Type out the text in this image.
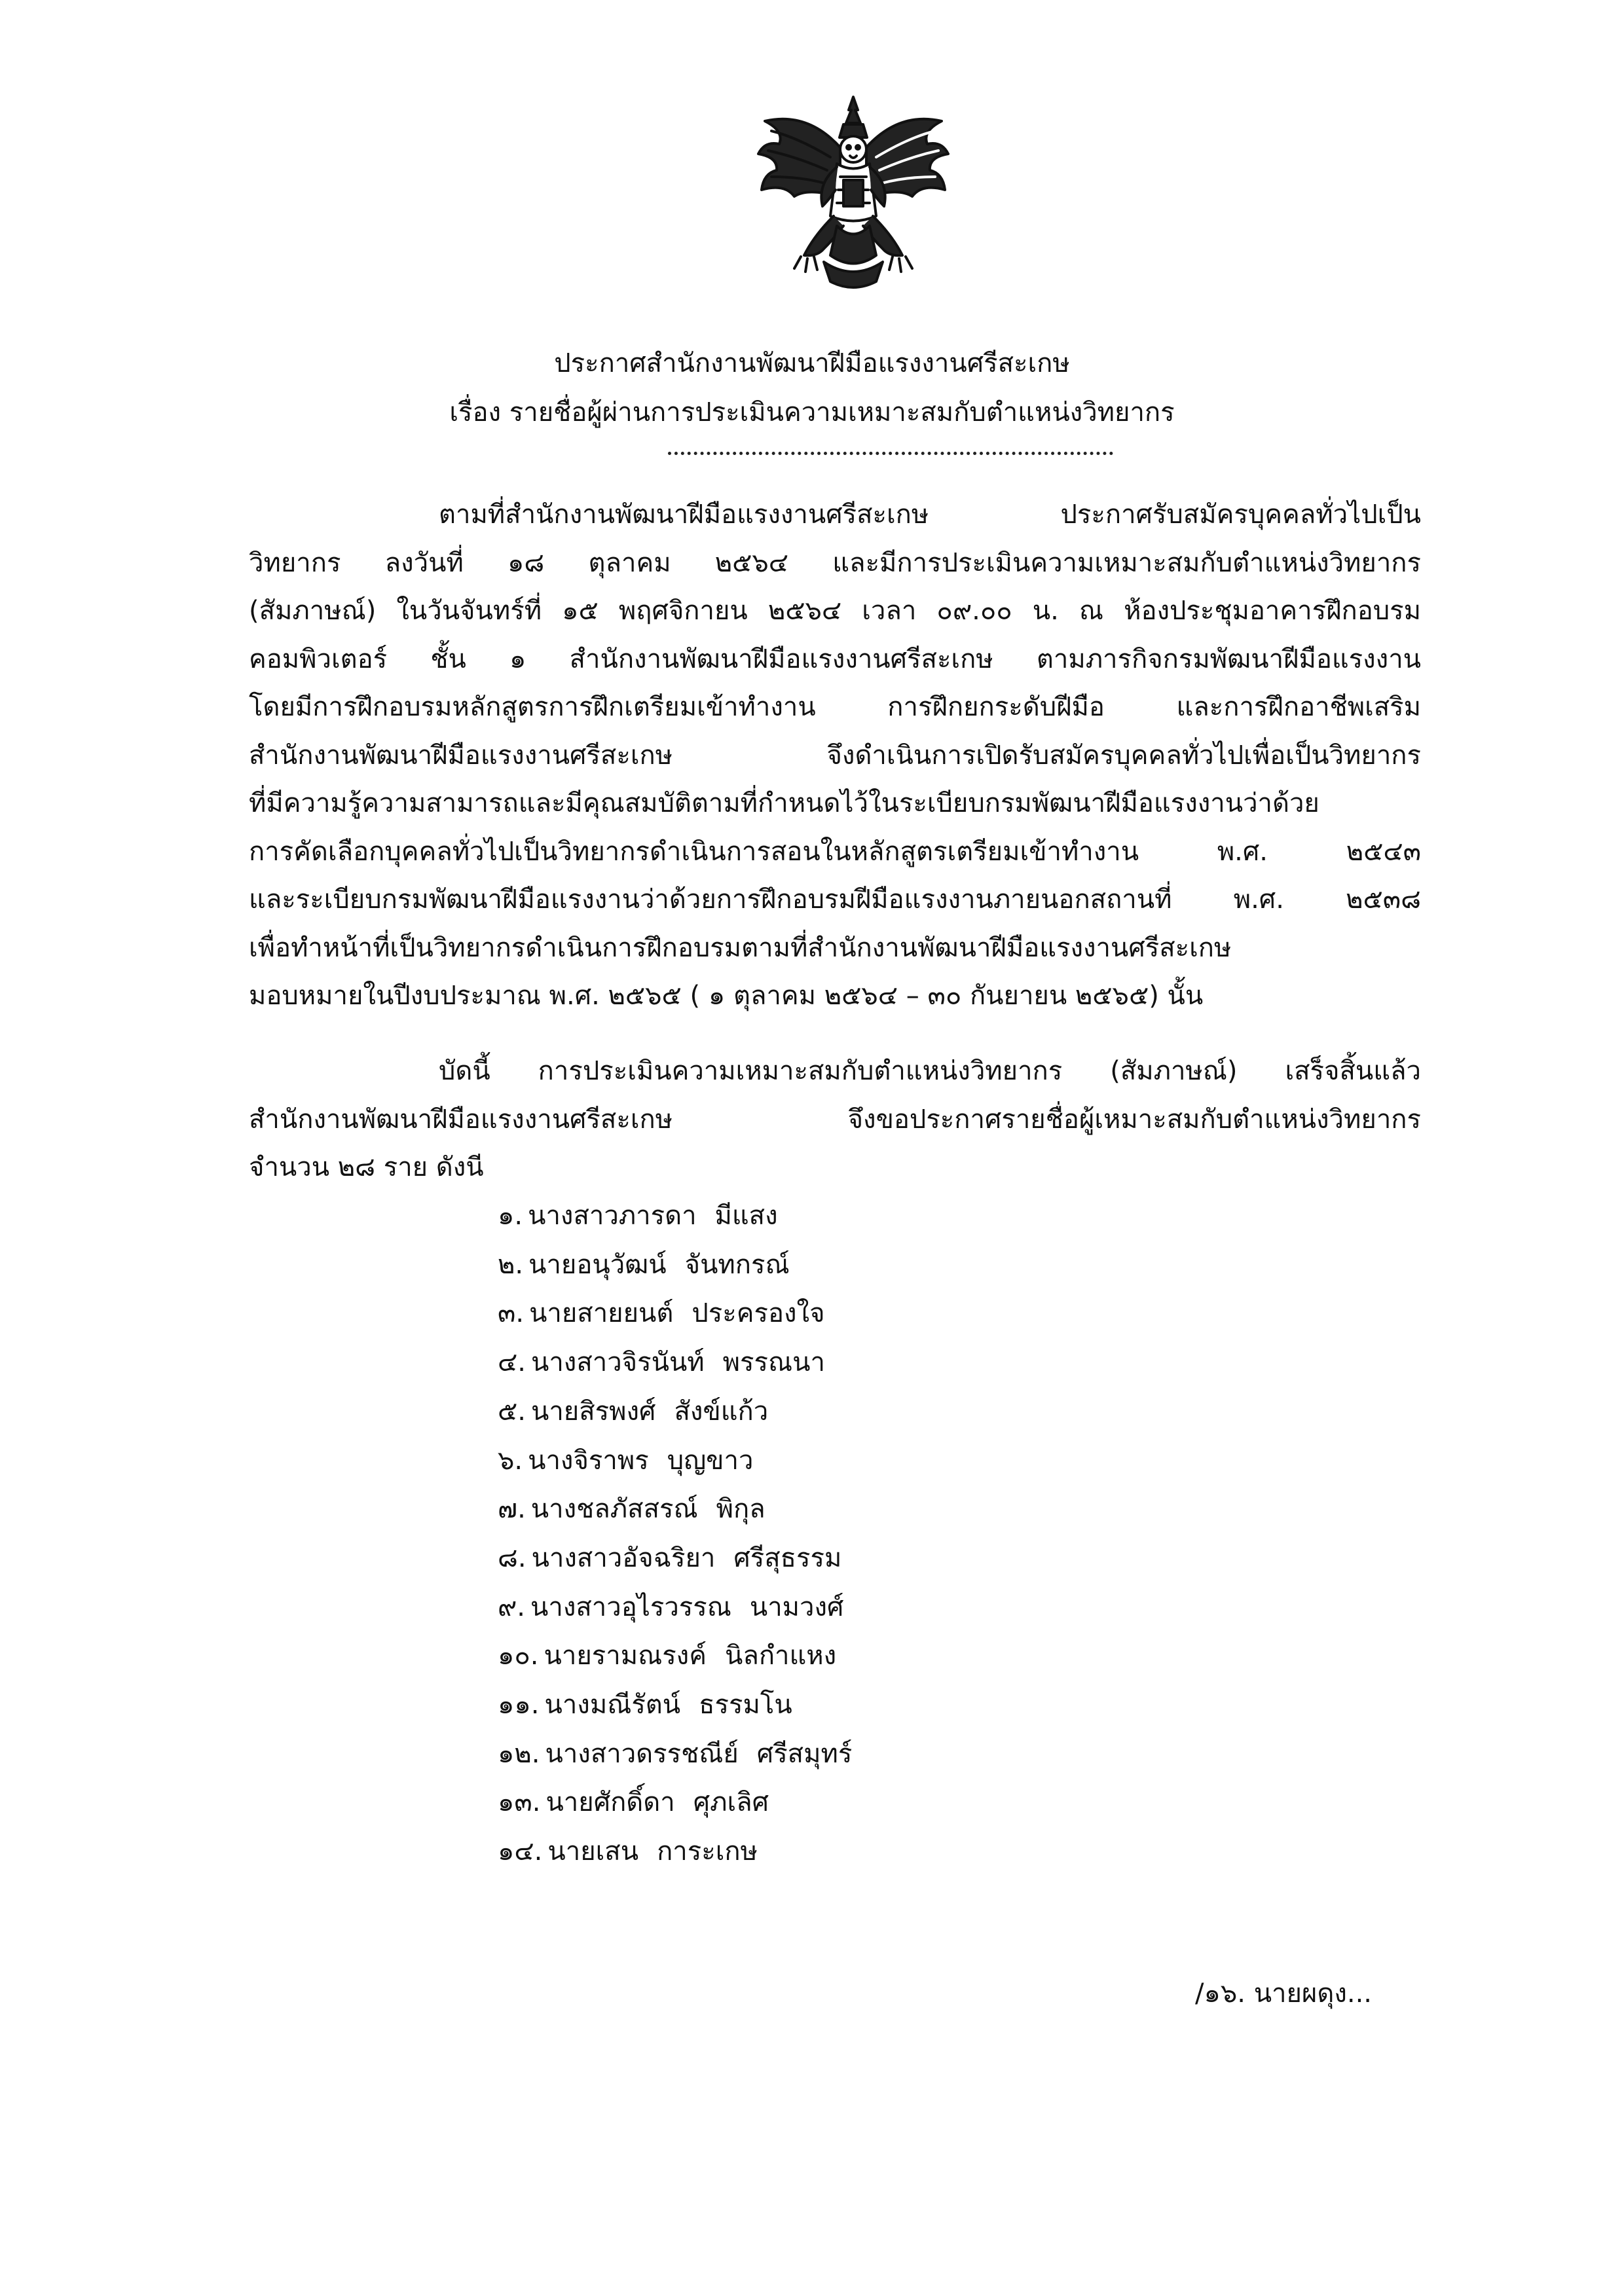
ประกาศสำนักงานพัฒนาฝีมือแรงงานศรีสะเกษ
เรื่อง รายชื่อผู้ผ่านการประเมินความเหมาะสมกับตำแหน่งวิทยากร
ตามที่สำนักงานพัฒนาฝีมือแรงงานศรีสะเกษ ประกาศรับสมัครบุคคลทั่วไปเป็น
วิทยากร ลงวันที่ ๑๘ ตุลาคม ๒๕๖๔ และมีการประเมินความเหมาะสมกับตำแหน่งวิทยากร
(สัมภาษณ์) ในวันจันทร์ที่ ๑๕ พฤศจิกายน ๒๕๖๔ เวลา ๐๙.๐๐ น. ณ ห้องประชุมอาคารฝึกอบรม
คอมพิวเตอร์ ชั้น ๑ สำนักงานพัฒนาฝีมือแรงงานศรีสะเกษ ตามภารกิจกรมพัฒนาฝีมือแรงงาน
โดยมีการฝึกอบรมหลักสูตรการฝึกเตรียมเข้าทำงาน การฝึกยกระดับฝีมือ และการฝึกอาชีพเสริม
สำนักงานพัฒนาฝีมือแรงงานศรีสะเกษ จึงดำเนินการเปิดรับสมัครบุคคลทั่วไปเพื่อเป็นวิทยากร
ที่มีความรู้ความสามารถและมีคุณสมบัติตามที่กำหนดไว้ในระเบียบกรมพัฒนาฝีมือแรงงานว่าด้วย
การคัดเลือกบุคคลทั่วไปเป็นวิทยากรดำเนินการสอนในหลักสูตรเตรียมเข้าทำงาน พ.ศ. ๒๕๔๓
และระเบียบกรมพัฒนาฝีมือแรงงานว่าด้วยการฝึกอบรมฝีมือแรงงานภายนอกสถานที่ พ.ศ. ๒๕๓๘
เพื่อทำหน้าที่เป็นวิทยากรดำเนินการฝึกอบรมตามที่สำนักงานพัฒนาฝีมือแรงงานศรีสะเกษ
มอบหมายในปีงบประมาณ พ.ศ. ๒๕๖๕ ( ๑ ตุลาคม ๒๕๖๔ – ๓๐ กันยายน ๒๕๖๕) นั้น
บัดนี้ การประเมินความเหมาะสมกับตำแหน่งวิทยากร (สัมภาษณ์) เสร็จสิ้นแล้ว
สำนักงานพัฒนาฝีมือแรงงานศรีสะเกษ จึงขอประกาศรายชื่อผู้เหมาะสมกับตำแหน่งวิทยากร
จำนวน ๒๘ ราย ดังนี
๑. นางสาวภารดา มีแสง
๒. นายอนุวัฒน์ จันทกรณ์
๓. นายสายยนต์ ประครองใจ
๔. นางสาวจิรนันท์ พรรณนา
๕. นายสิรพงศ์ สังข์แก้ว
๖. นางจิราพร บุญขาว
๗. นางชลภัสสรณ์ พิกุล
๘. นางสาวอัจฉริยา ศรีสุธรรม
๙. นางสาวอุไรวรรณ นามวงศ์
๑๐. นายรามณรงค์ นิลกำแหง
๑๑. นางมณีรัตน์ ธรรมโน
๑๒. นางสาวดรรชณีย์ ศรีสมุทร์
๑๓. นายศักดิ์ดา ศุภเลิศ
๑๔. นายเสน การะเกษ
/๑๖. นายผดุง...
